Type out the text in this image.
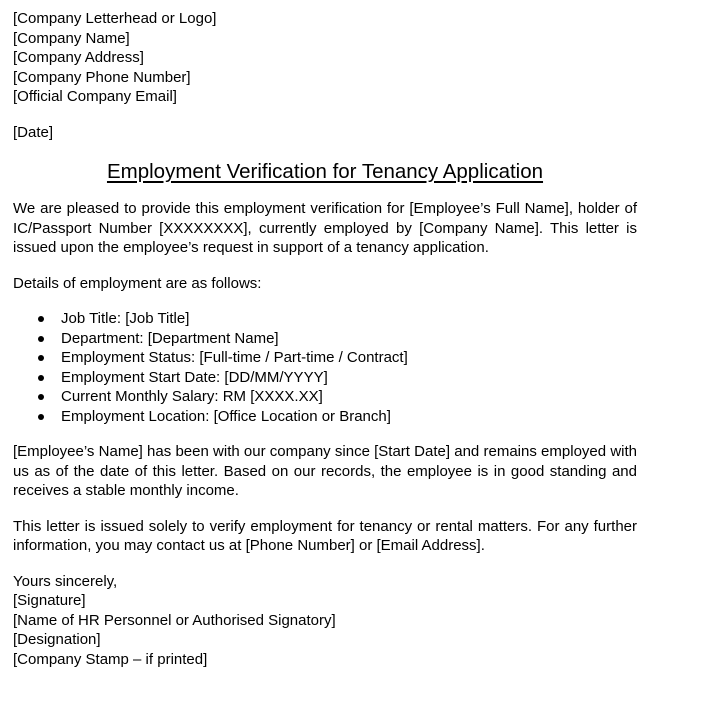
[Company Letterhead or Logo]
[Company Name]
[Company Address]
[Company Phone Number]
[Official Company Email]
[Date]
Employment Verification for Tenancy Application

We are pleased to provide this employment verification for [Employee’s Full Name], holder of IC/Passport Number [XXXXXXXX], currently employed by [Company Name]. This letter is issued upon the employee’s request in support of a tenancy application.

Details of employment are as follows:
Job Title: [Job Title]
Department: [Department Name]
Employment Status: [Full-time / Part-time / Contract]
Employment Start Date: [DD/MM/YYYY]
Current Monthly Salary: RM [XXXX.XX]
Employment Location: [Office Location or Branch]

[Employee’s Name] has been with our company since [Start Date] and remains employed with us as of the date of this letter. Based on our records, the employee is in good standing and receives a stable monthly income.

This letter is issued solely to verify employment for tenancy or rental matters. For any further information, you may contact us at [Phone Number] or [Email Address].

Yours sincerely,
[Signature]
[Name of HR Personnel or Authorised Signatory]
[Designation]
[Company Stamp – if printed]
